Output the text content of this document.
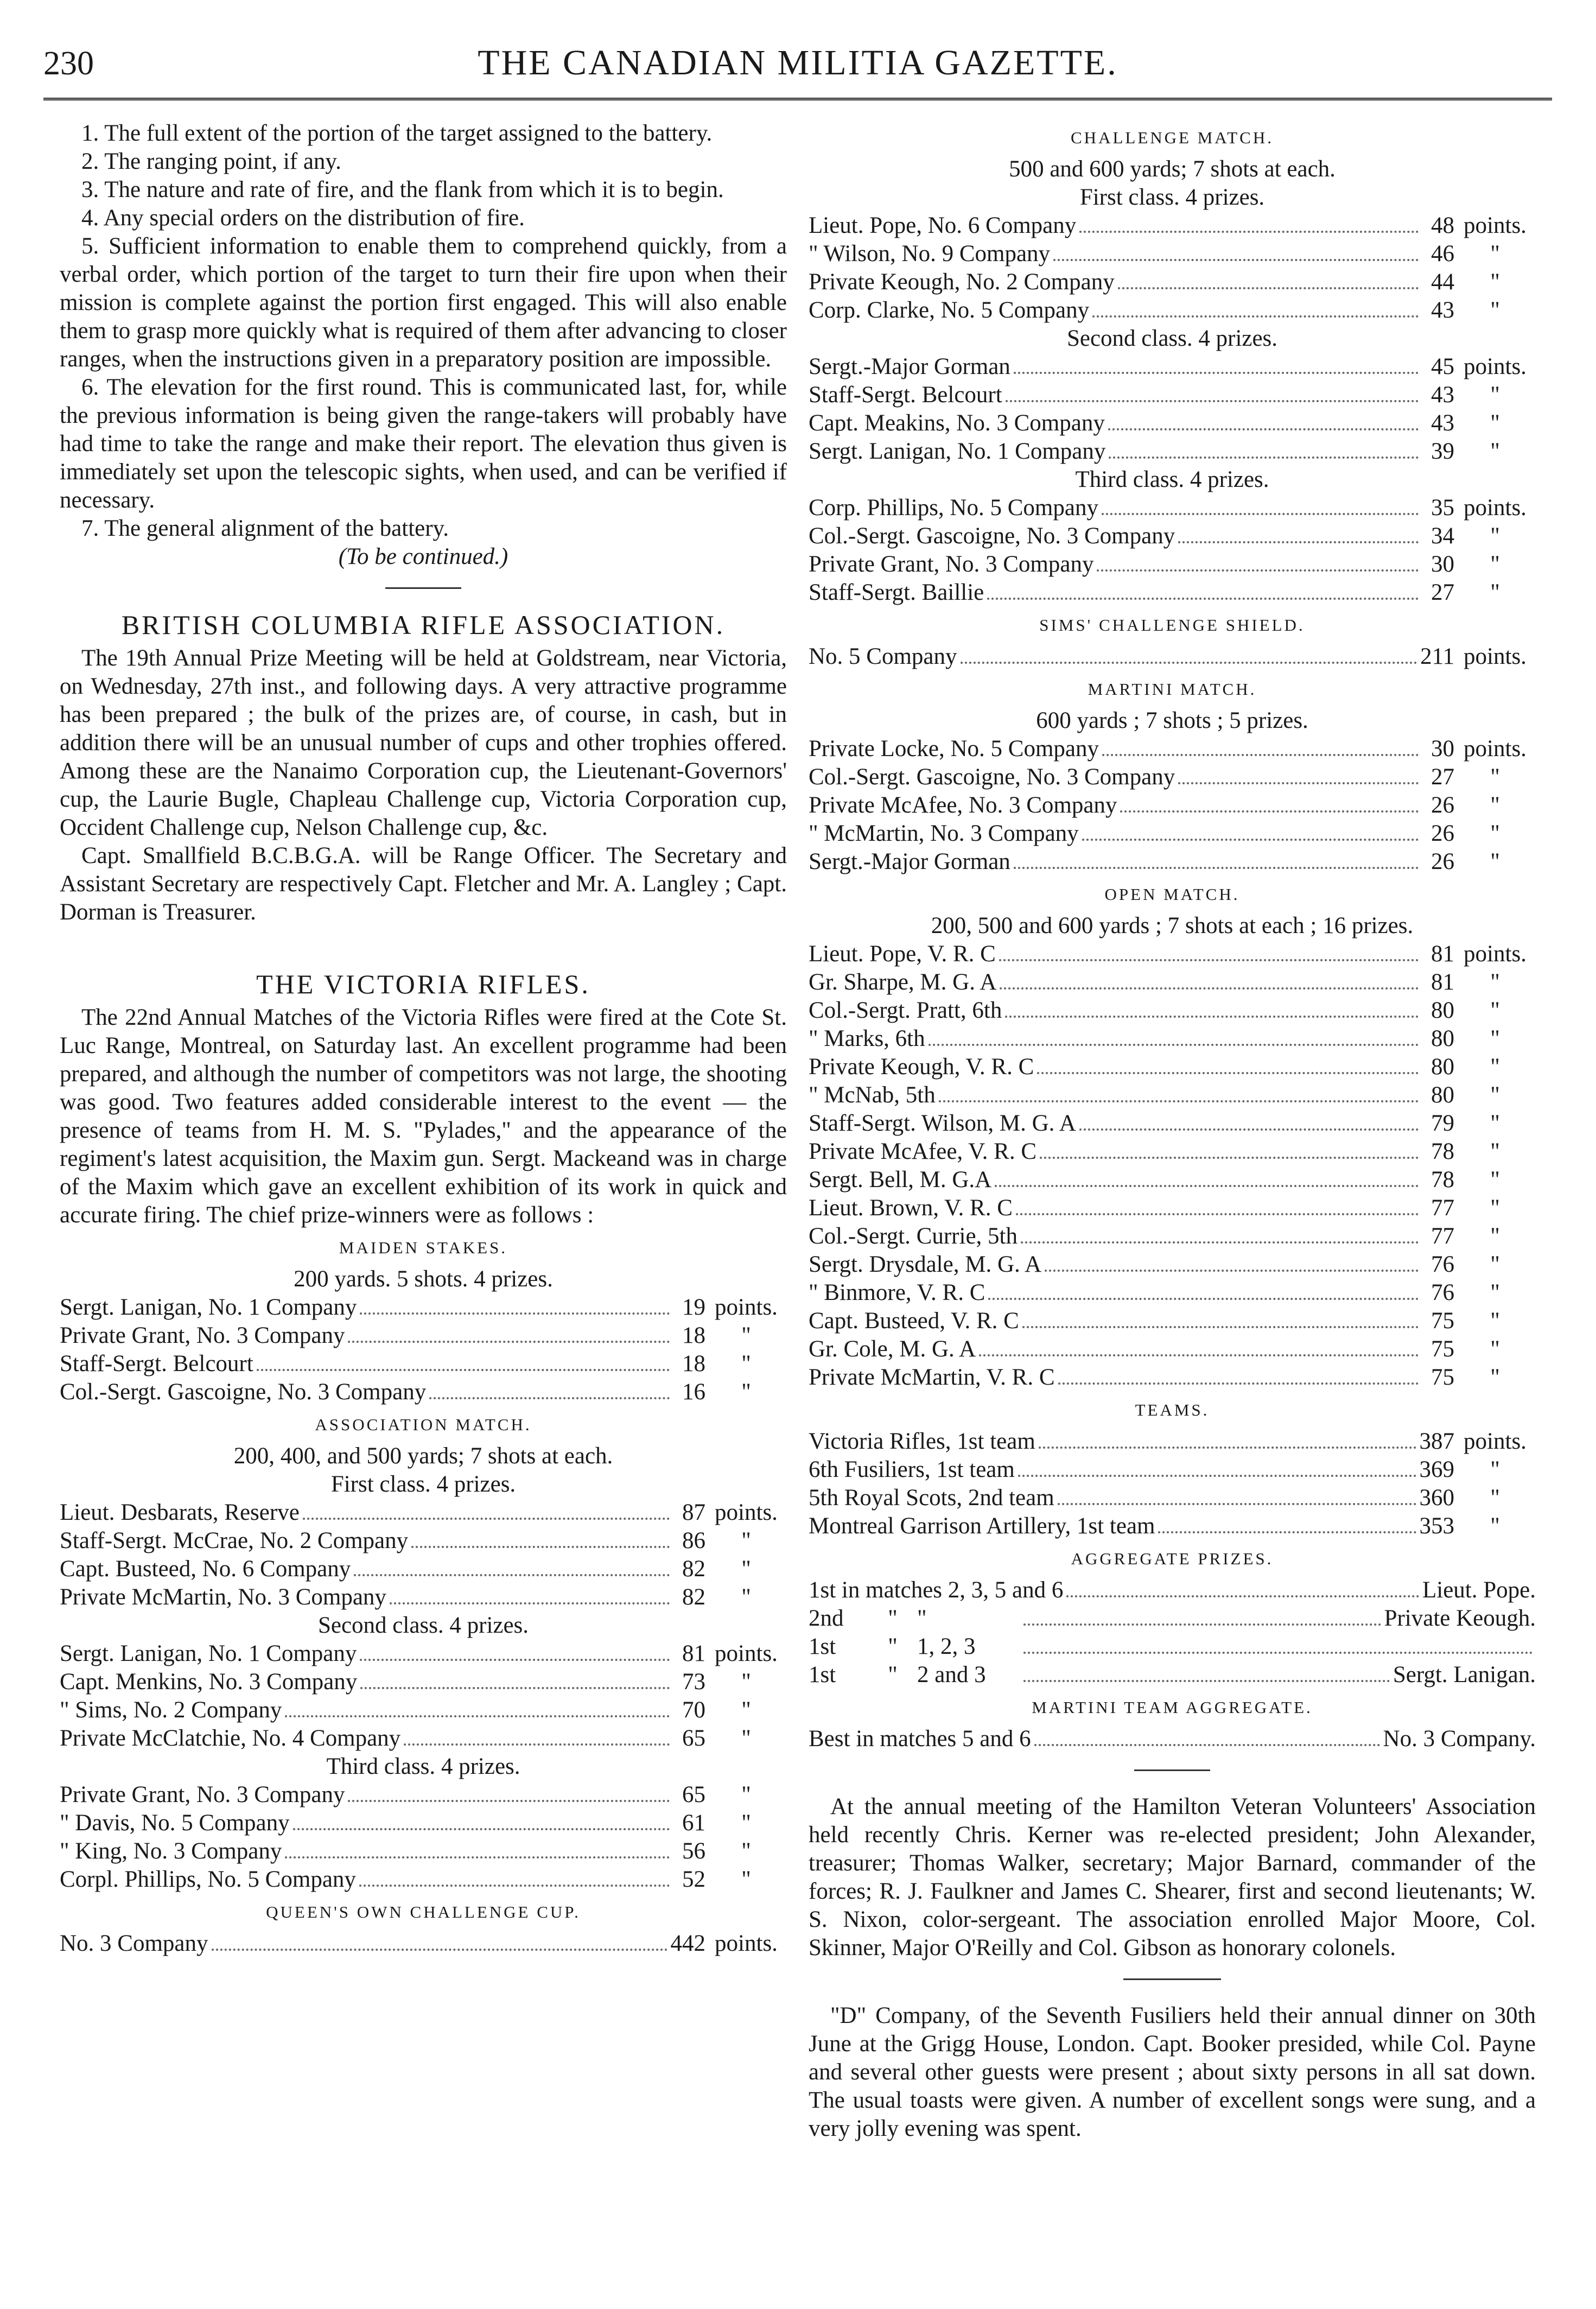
230	THE CANADIAN MILITIA GAZETTE.

1. The full extent of the portion of the target assigned to the battery.

2. The ranging point, if any.

3. The nature and rate of fire, and the flank from which it is to begin.

4. Any special orders on the distribution of fire.

5. Sufficient information to enable them to comprehend quickly, from a verbal order, which portion of the target to turn their fire upon when their mission is complete against the portion first engaged. This will also enable them to grasp more quickly what is required of them after advancing to closer ranges, when the instructions given in a preparatory position are impossible.

6. The elevation for the first round. This is communicated last, for, while the previous information is being given the range-takers will probably have had time to take the range and make their report. The elevation thus given is immediately set upon the telescopic sights, when used, and can be verified if necessary.

7. The general alignment of the battery.

(To be continued.)

BRITISH COLUMBIA RIFLE ASSOCIATION.

The 19th Annual Prize Meeting will be held at Goldstream, near Victoria, on Wednesday, 27th inst., and following days. A very attractive programme has been prepared ; the bulk of the prizes are, of course, in cash, but in addition there will be an unusual number of cups and other trophies offered. Among these are the Nanaimo Corporation cup, the Lieutenant-Governors' cup, the Laurie Bugle, Chapleau Challenge cup, Victoria Corporation cup, Occident Challenge cup, Nelson Challenge cup, &c.

Capt. Smallfield B.C.B.G.A. will be Range Officer. The Secretary and Assistant Secretary are respectively Capt. Fletcher and Mr. A. Langley ; Capt. Dorman is Treasurer.

THE VICTORIA RIFLES.

The 22nd Annual Matches of the Victoria Rifles were fired at the Cote St. Luc Range, Montreal, on Saturday last. An excellent programme had been prepared, and although the number of competitors was not large, the shooting was good. Two features added considerable interest to the event — the presence of teams from H. M. S. "Pylades," and the appearance of the regiment's latest acquisition, the Maxim gun. Sergt. Mackeand was in charge of the Maxim which gave an excellent exhibition of its work in quick and accurate firing. The chief prize-winners were as follows :

MAIDEN STAKES.

200 yards. 5 shots. 4 prizes.

Sergt. Lanigan, No. 1 Company	19 points.
Private Grant, No. 3 Company	18	"
Staff-Sergt. Belcourt	18	"
Col.-Sergt. Gascoigne, No. 3 Company	16	"
ASSOCIATION MATCH.

200, 400, and 500 yards; 7 shots at each.

First class. 4 prizes.

Lieut. Desbarats, Reserve	87 points.
Staff-Sergt. McCrae, No. 2 Company	86	"
Capt. Busteed, No. 6 Company	82	"
Private McMartin, No. 3 Company	82	"

Second class. 4 prizes.

Sergt. Lanigan, No. 1 Company	81 points.
Capt. Menkins, No. 3 Company	73	"
" Sims, No. 2 Company	70	"
Private McClatchie, No. 4 Company	65	"

Third class. 4 prizes.

Private Grant, No. 3 Company	65	"
" Davis, No. 5 Company	61	"
" King, No. 3 Company	56	"
Corpl. Phillips, No. 5 Company	52	"
QUEEN'S OWN CHALLENGE CUP.
No. 3 Company	442 points.
CHALLENGE MATCH.

500 and 600 yards; 7 shots at each.

First class. 4 prizes.

Lieut. Pope, No. 6 Company	48 points.
" Wilson, No. 9 Company	46	"
Private Keough, No. 2 Company	44	"
Corp. Clarke, No. 5 Company	43	"

Second class. 4 prizes.

Sergt.-Major Gorman	45 points.
Staff-Sergt. Belcourt	43	"
Capt. Meakins, No. 3 Company	43	"
Sergt. Lanigan, No. 1 Company	39	"

Third class. 4 prizes.

Corp. Phillips, No. 5 Company	35 points.
Col.-Sergt. Gascoigne, No. 3 Company	34	"
Private Grant, No. 3 Company	30	"
Staff-Sergt. Baillie	27	"
SIMS' CHALLENGE SHIELD.
No. 5 Company	211 points.
MARTINI MATCH.

600 yards ; 7 shots ; 5 prizes.

Private Locke, No. 5 Company	30 points.
Col.-Sergt. Gascoigne, No. 3 Company	27	"
Private McAfee, No. 3 Company	26	"
" McMartin, No. 3 Company	26	"
Sergt.-Major Gorman	26	"
OPEN MATCH.

200, 500 and 600 yards ; 7 shots at each ; 16 prizes.

Lieut. Pope, V. R. C	81 points.
Gr. Sharpe, M. G. A	81	"
Col.-Sergt. Pratt, 6th	80	"
" Marks, 6th	80	"
Private Keough, V. R. C	80	"
" McNab, 5th	80	"
Staff-Sergt. Wilson, M. G. A	79	"
Private McAfee, V. R. C	78	"
Sergt. Bell, M. G.A	78	"
Lieut. Brown, V. R. C	77	"
Col.-Sergt. Currie, 5th	77	"
Sergt. Drysdale, M. G. A	76	"
" Binmore, V. R. C	76	"
Capt. Busteed, V. R. C	75	"
Gr. Cole, M. G. A	75	"
Private McMartin, V. R. C	75	"
TEAMS.
Victoria Rifles, 1st team	387 points.
6th Fusiliers, 1st team	369	"
5th Royal Scots, 2nd team	360	"
Montreal Garrison Artillery, 1st team	353	"
AGGREGATE PRIZES.
1st in matches 2, 3, 5 and 6	Lieut. Pope.
2nd	" "	Private Keough.
1st	" 1, 2, 3
1st	" 2 and 3	Sergt. Lanigan.
MARTINI TEAM AGGREGATE.
Best in matches 5 and 6	No. 3 Company.

At the annual meeting of the Hamilton Veteran Volunteers' Association held recently Chris. Kerner was re-elected president; John Alexander, treasurer; Thomas Walker, secretary; Major Barnard, commander of the forces; R. J. Faulkner and James C. Shearer, first and second lieutenants; W. S. Nixon, color-sergeant. The association enrolled Major Moore, Col. Skinner, Major O'Reilly and Col. Gibson as honorary colonels.

"D" Company, of the Seventh Fusiliers held their annual dinner on 30th June at the Grigg House, London. Capt. Booker presided, while Col. Payne and several other guests were present ; about sixty persons in all sat down. The usual toasts were given. A number of excellent songs were sung, and a very jolly evening was spent.
